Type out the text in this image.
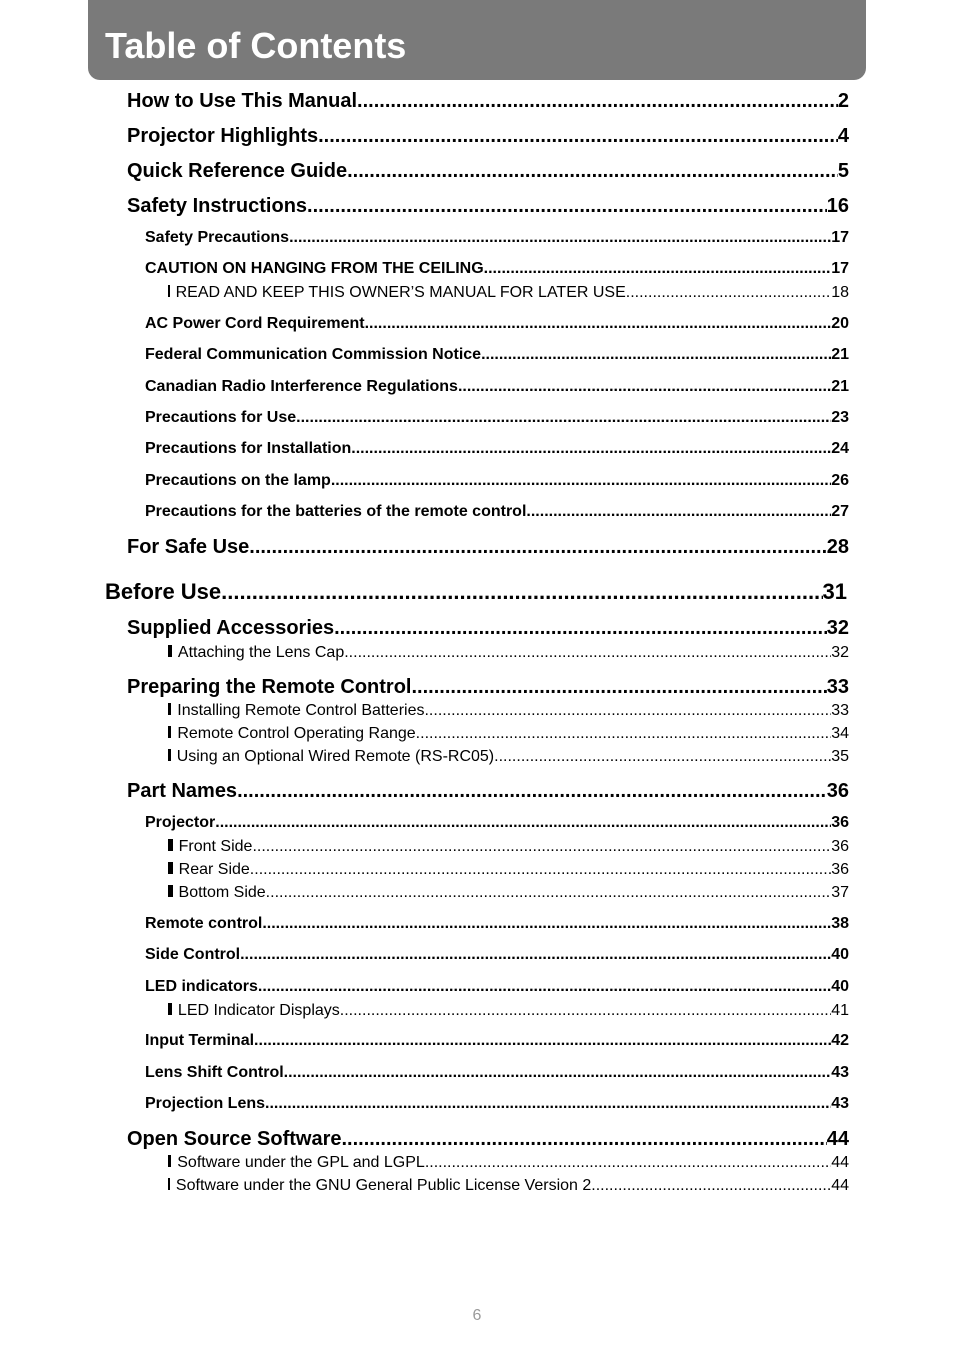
Table of Contents
How to Use This Manual .....	2
Projector Highlights .....	4
Quick Reference Guide .....	5
Safety Instructions .....	16
Safety Precautions .....	17
CAUTION ON HANGING FROM THE CEILING .....	17
READ AND KEEP THIS OWNER’S MANUAL FOR LATER USE. .....	18
AC Power Cord Requirement .....	20
Federal Communication Commission Notice .....	21
Canadian Radio Interference Regulations .....	21
Precautions for Use .....	23
Precautions for Installation .....	24
Precautions on the lamp .....	26
Precautions for the batteries of the remote control .....	27
For Safe Use .....	28
Before Use .....	31
Supplied Accessories .....	32
Attaching the Lens Cap .....	32
Preparing the Remote Control .....	33
Installing Remote Control Batteries .....	33
Remote Control Operating Range .....	34
Using an Optional Wired Remote (RS-RC05) .....	35
Part Names .....	36
Projector .....	36
Front Side .....	36
Rear Side .....	36
Bottom Side .....	37
Remote control .....	38
Side Control .....	40
LED indicators .....	40
LED Indicator Displays .....	41
Input Terminal .....	42
Lens Shift Control .....	43
Projection Lens .....	43
Open Source Software .....	44
Software under the GPL and LGPL .....	44
Software under the GNU General Public License Version 2 .....	44
6
